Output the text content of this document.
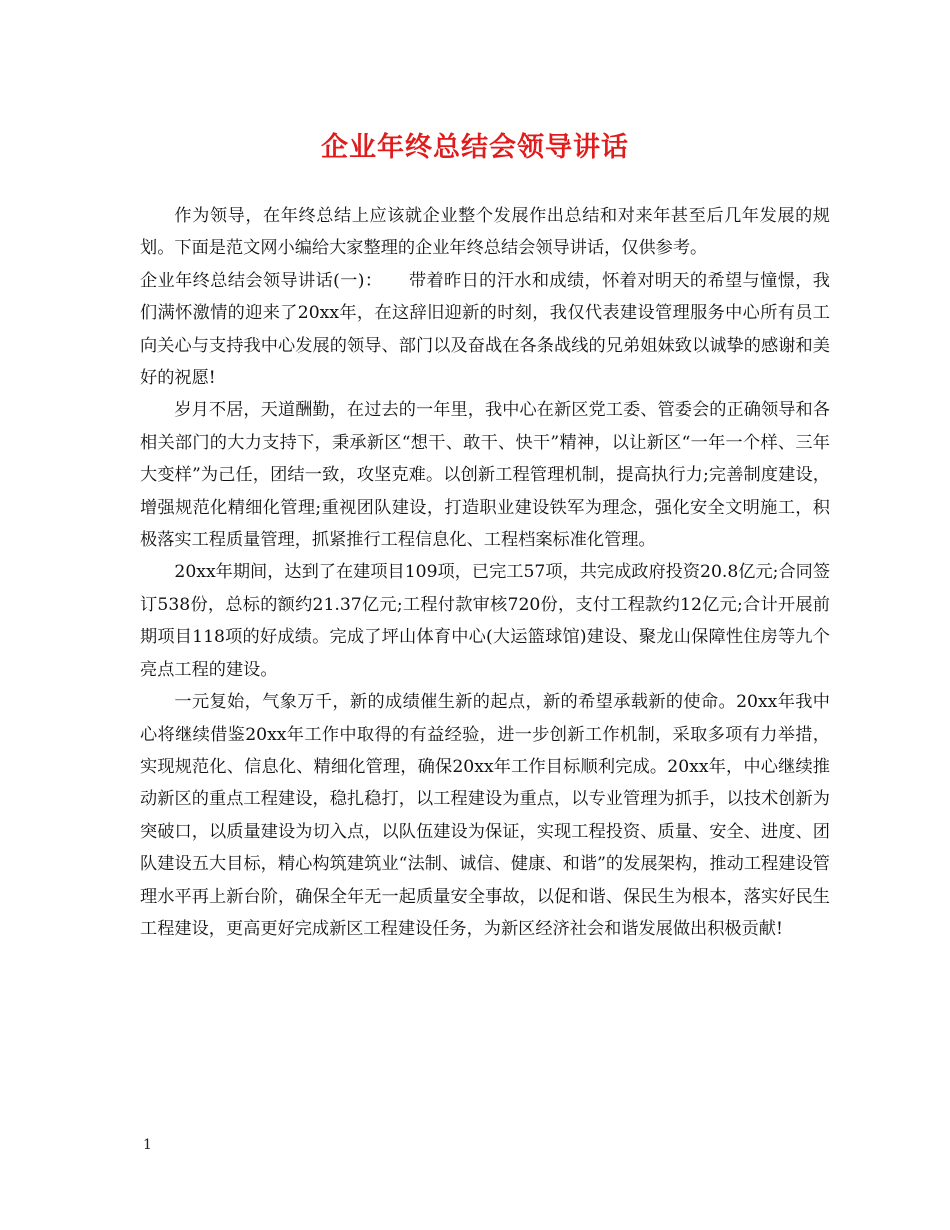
企业年终总结会领导讲话

作为领导，在年终总结上应该就企业整个发展作出总结和对来年甚至后几年发展的规划。下面是范文网小编给大家整理的企业年终总结会领导讲话，仅供参考。

企业年终总结会领导讲话(一)：　　带着昨日的汗水和成绩，怀着对明天的希望与憧憬，我们满怀激情的迎来了20xx年，在这辞旧迎新的时刻，我仅代表建设管理服务中心所有员工向关心与支持我中心发展的领导、部门以及奋战在各条战线的兄弟姐妹致以诚挚的感谢和美好的祝愿!

岁月不居，天道酬勤，在过去的一年里，我中心在新区党工委、管委会的正确领导和各相关部门的大力支持下，秉承新区“想干、敢干、快干”精神，以让新区“一年一个样、三年大变样”为己任，团结一致，攻坚克难。以创新工程管理机制，提高执行力;完善制度建设，增强规范化精细化管理;重视团队建设，打造职业建设铁军为理念，强化安全文明施工，积极落实工程质量管理，抓紧推行工程信息化、工程档案标准化管理。

20xx年期间，达到了在建项目109项，已完工57项，共完成政府投资20.8亿元;合同签订538份，总标的额约21.37亿元;工程付款审核720份，支付工程款约12亿元;合计开展前期项目118项的好成绩。完成了坪山体育中心(大运篮球馆)建设、聚龙山保障性住房等九个亮点工程的建设。

一元复始，气象万千，新的成绩催生新的起点，新的希望承载新的使命。20xx年我中心将继续借鉴20xx年工作中取得的有益经验，进一步创新工作机制，采取多项有力举措，实现规范化、信息化、精细化管理，确保20xx年工作目标顺利完成。20xx年，中心继续推动新区的重点工程建设，稳扎稳打，以工程建设为重点，以专业管理为抓手，以技术创新为突破口，以质量建设为切入点，以队伍建设为保证，实现工程投资、质量、安全、进度、团队建设五大目标，精心构筑建筑业“法制、诚信、健康、和谐”的发展架构，推动工程建设管理水平再上新台阶，确保全年无一起质量安全事故，以促和谐、保民生为根本，落实好民生工程建设，更高更好完成新区工程建设任务，为新区经济社会和谐发展做出积极贡献!

1
